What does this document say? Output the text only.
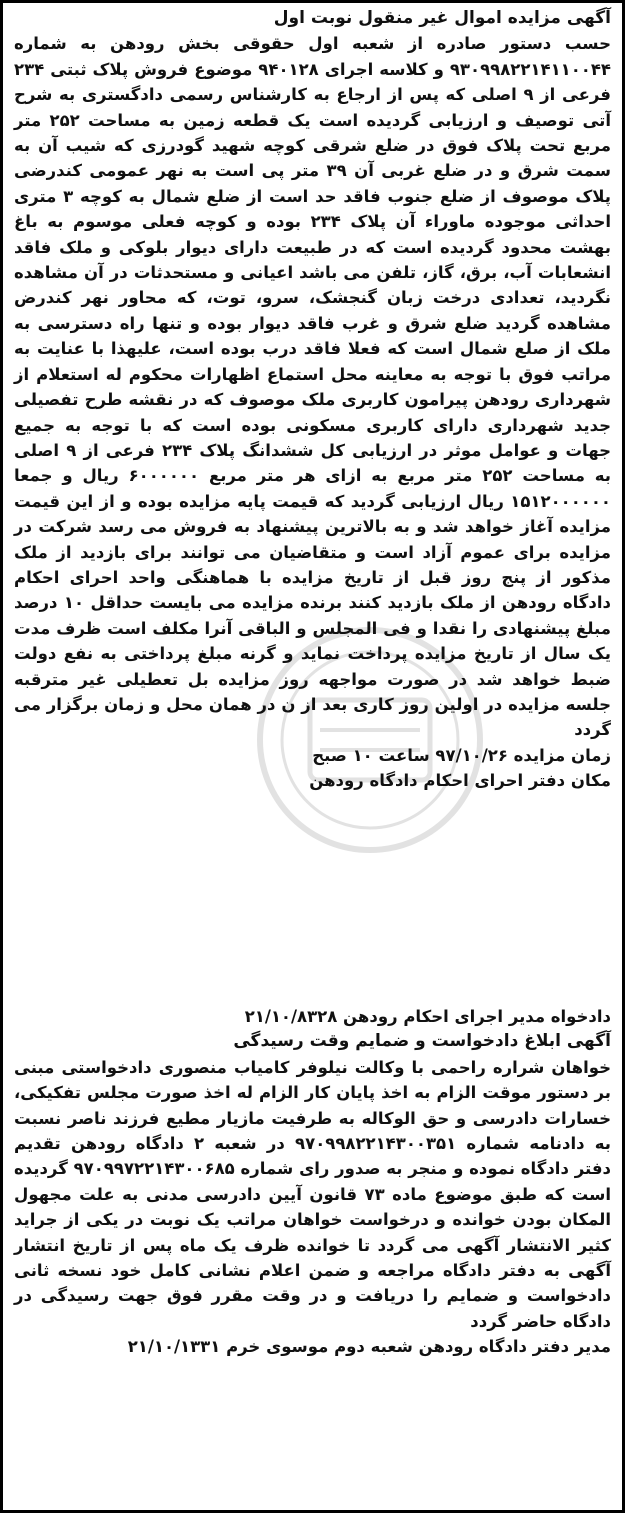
آگهی مزایده اموال غیر منقول نوبت اول

حسب دستور صادره از شعبه اول حقوقی بخش رودهن به شماره ۹۳۰۹۹۸۲۲۱۴۱۱۰۰۴۴ و کلاسه اجرای ۹۴۰۱۲۸ موضوع فروش پلاک ثبتی ۲۳۴ فرعی از ۹ اصلی که پس از ارجاع به کارشناس رسمی دادگستری به شرح آتی توصیف و ارزیابی گردیده است یک قطعه زمین به مساحت ۲۵۲ متر مربع تحت پلاک فوق در ضلع شرقی کوچه شهید گودرزی که شیب آن به سمت شرق و در ضلع غربی آن ۳۹ متر پی است به نهر عمومی کندرضی پلاک موصوف از ضلع جنوب فاقد حد است از ضلع شمال به کوچه ۳ متری احداثی موجوده ماوراء آن پلاک ۲۳۴ بوده و کوچه فعلی موسوم به باغ بهشت محدود گردیده است که در طبیعت دارای دیوار بلوکی و ملک فاقد انشعابات آب، برق، گاز، تلفن می باشد اعیانی و مستحدثات در آن مشاهده نگردید، تعدادی درخت زبان گنجشک، سرو، توت، که محاور نهر کندرض مشاهده گردید ضلع شرق و غرب فاقد دیوار بوده و تنها راه دسترسی به ملک از صلع شمال است که فعلا فاقد درب بوده است، علیهذا با عنایت به مراتب فوق با توجه به معاینه محل استماع اظهارات محکوم له استعلام از شهرداری رودهن پیرامون کاربری ملک موصوف که در نقشه طرح تفصیلی جدید شهرداری دارای کاربری مسکونی بوده است که با توجه به جمیع جهات و عوامل موثر در ارزیابی کل ششدانگ پلاک ۲۳۴ فرعی از ۹ اصلی به مساحت ۲۵۲ متر مربع به ازای هر متر مربع ۶۰۰۰۰۰۰ ریال و جمعا ۱۵۱۲۰۰۰۰۰۰ ریال ارزیابی گردید که قیمت پایه مزایده بوده و از این قیمت مزایده آغاز خواهد شد و به بالاترین پیشنهاد به فروش می رسد شرکت در مزایده برای عموم آزاد است و متقاضیان می توانند برای بازدید از ملک مذکور از پنج روز قبل از تاریخ مزایده با هماهنگی واحد احرای احکام دادگاه رودهن از ملک بازدید کنند برنده مزایده می بایست حداقل ۱۰ درصد مبلغ پیشنهادی را نقدا و فی المجلس و الباقی آنرا مکلف است ظرف مدت یک سال از تاریخ مزایده پرداخت نماید و گرنه مبلغ پرداختی به نفع دولت ضبط خواهد شد در صورت مواجهه روز مزایده بل تعطیلی غیر مترقبه جلسه مزایده در اولین روز کاری بعد از ن در همان محل و زمان برگزار می گردد

زمان مزایده ۹۷/۱۰/۲۶ ساعت ۱۰ صبح

مکان دفتر احرای احکام دادگاه رودهن

دادخواه مدیر اجرای احکام رودهن ۲۱/۱۰/۸۳۲۸

آگهی ابلاغ دادخواست و ضمایم وقت رسیدگی

خواهان شراره راحمی با وکالت نیلوفر کامیاب منصوری دادخواستی مبنی بر دستور موقت الزام به اخذ پایان کار الزام له اخذ صورت مجلس تفکیکی، خسارات دادرسی و حق الوکاله به طرفیت مازیار مطیع فرزند ناصر نسبت به دادنامه شماره ۹۷۰۹۹۸۲۲۱۴۳۰۰۳۵۱ در شعبه ۲ دادگاه رودهن تقدیم دفتر دادگاه نموده و منجر به صدور رای شماره ۹۷۰۹۹۷۲۲۱۴۳۰۰۶۸۵ گردیده است که طبق موضوع ماده ۷۳ قانون آیین دادرسی مدنی به علت مجهول المکان بودن خوانده و درخواست خواهان مراتب یک نوبت در یکی از جراید کثیر الانتشار آگهی می گردد تا خوانده ظرف یک ماه پس از تاریخ انتشار آگهی به دفتر دادگاه مراجعه و ضمن اعلام نشانی کامل خود نسخه ثانی دادخواست و ضمایم را دریافت و در وقت مقرر فوق جهت رسیدگی در دادگاه حاضر گردد

مدیر دفتر دادگاه رودهن شعبه دوم موسوی خرم ۲۱/۱۰/۱۳۳۱
